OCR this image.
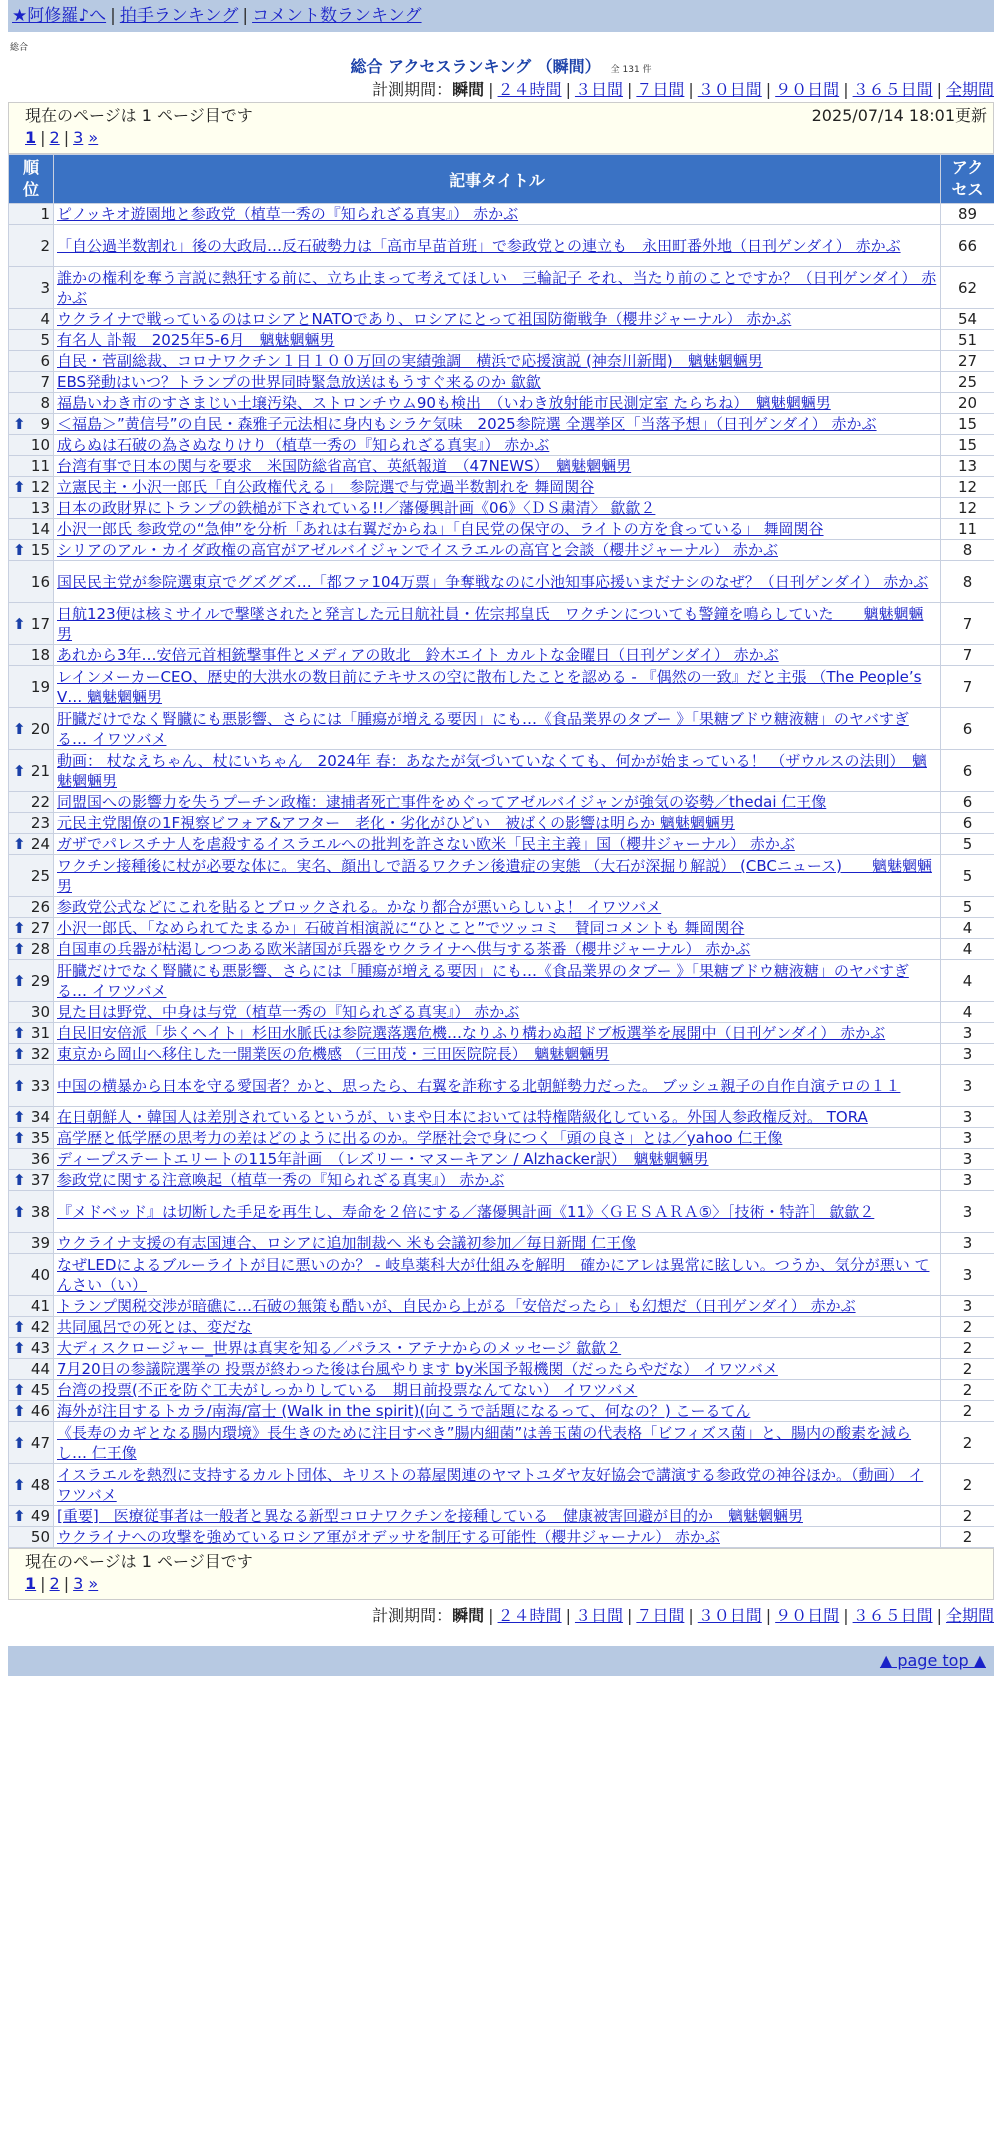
★阿修羅♪へ | 拍手ランキング | コメント数ランキング
総合
総合 アクセスランキング （瞬間） 全 131 件
計測期間：瞬間 | ２４時間 | ３日間 | ７日間 | ３０日間 | ９０日間 | ３６５日間 | 全期間
現在のページは 1 ページ目です	2025/07/14 18:01更新
1 | 2 | 3 »
順位	記事タイトル	アクセス
1	ピノッキオ遊園地と参政党（植草一秀の『知られざる真実』） 赤かぶ	89
2	「自公過半数割れ」後の大政局…反石破勢力は「高市早苗首班」で参政党との連立も　永田町番外地（日刊ゲンダイ） 赤かぶ	66
3	誰かの権利を奪う言説に熱狂する前に、立ち止まって考えてほしい　三輪記子 それ、当たり前のことですか？（日刊ゲンダイ） 赤かぶ	62
4	ウクライナで戦っているのはロシアとNATOであり、ロシアにとって祖国防衛戦争（櫻井ジャーナル） 赤かぶ	54
5	有名人 訃報　2025年5-6月　魑魅魍魎男	51
6	自民・菅副総裁、コロナワクチン１日１００万回の実績強調　横浜で応援演説 (神奈川新聞)　魑魅魍魎男	27
7	EBS発動はいつ？トランプの世界同時緊急放送はもうすぐ来るのか 歙歙	25
8	福島いわき市のすさまじい土壌汚染、ストロンチウム90も検出　（いわき放射能市民測定室 たらちね）　魑魅魍魎男	20

⬆ 9	＜福島＞”黄信号”の自民・森雅子元法相に身内もシラケ気味　2025参院選 全選挙区「当落予想」（日刊ゲンダイ） 赤かぶ	15
10	成らぬは石破の為さぬなりけり（植草一秀の『知られざる真実』） 赤かぶ	15
11	台湾有事で日本の関与を要求　米国防総省高官、英紙報道　（47NEWS）　魑魅魍魎男	13

⬆ 12	立憲民主・小沢一郎氏「自公政権代える」　参院選で与党過半数割れを 舞岡関谷	12
13	日本の政財界にトランプの鉄槌が下されている!!／藩優興計画《06》〈ＤＳ粛清〉 歙歙２	12
14	小沢一郎氏 参政党の“急伸”を分析「あれは右翼だからね」「自民党の保守の、ライトの方を食っている」 舞岡関谷	11

⬆ 15	シリアのアル・カイダ政権の高官がアゼルバイジャンでイスラエルの高官と会談（櫻井ジャーナル） 赤かぶ	8
16	国民民主党が参院選東京でグズグズ…「都ファ104万票」争奪戦なのに小池知事応援いまだナシのなぜ？（日刊ゲンダイ） 赤かぶ	8

⬆ 17	日航123便は核ミサイルで撃墜されたと発言した元日航社員・佐宗邦皇氏　ワクチンについても警鐘を鳴らしていた　　魑魅魍魎男	7
18	あれから3年…安倍元首相銃撃事件とメディアの敗北　鈴木エイト カルトな金曜日（日刊ゲンダイ） 赤かぶ	7
19	レインメーカーCEO、歴史的大洪水の数日前にテキサスの空に散布したことを認める - 『偶然の一致』だと主張 （The People’s V… 魑魅魍魎男	7

⬆ 20	肝臓だけでなく腎臓にも悪影響、さらには「腫瘍が増える要因」にも…《食品業界のタブー 》「果糖ブドウ糖液糖」のヤバすぎる… イワツバメ	6

⬆ 21	動画： 杖なえちゃん、杖にいちゃん　2024年 春：あなたが気づいていなくても、何かが始まっている！ （ザウルスの法則）　魑魅魍魎男	6
22	同盟国への影響力を失うプーチン政権：逮捕者死亡事件をめぐってアゼルバイジャンが強気の姿勢／thedai 仁王像	6
23	元民主党閣僚の1F視察ビフォア&アフター　老化・劣化がひどい　被ばくの影響は明らか 魑魅魍魎男	6

⬆ 24	ガザでパレスチナ人を虐殺するイスラエルへの批判を許さない欧米「民主主義」国（櫻井ジャーナル） 赤かぶ	5
25	ワクチン接種後に杖が必要な体に。実名、顔出しで語るワクチン後遺症の実態 （大石が深掘り解説） (CBCニュース)　　魑魅魍魎男	5
26	参政党公式などにこれを貼るとブロックされる。かなり都合が悪いらしいよ！ イワツバメ	5

⬆ 27	小沢一郎氏、「なめられてたまるか」石破首相演説に“ひとこと”でツッコミ　賛同コメントも 舞岡関谷	4

⬆ 28	自国車の兵器が枯渇しつつある欧米諸国が兵器をウクライナへ供与する茶番（櫻井ジャーナル） 赤かぶ	4

⬆ 29	肝臓だけでなく腎臓にも悪影響、さらには「腫瘍が増える要因」にも…《食品業界のタブー 》「果糖ブドウ糖液糖」のヤバすぎる… イワツバメ	4
30	見た目は野党、中身は与党（植草一秀の『知られざる真実』） 赤かぶ	4

⬆ 31	自民旧安倍派「歩くヘイト」杉田水脈氏は参院選落選危機…なりふり構わぬ超ドブ板選挙を展開中（日刊ゲンダイ） 赤かぶ	3

⬆ 32	東京から岡山へ移住した一開業医の危機感 （三田茂・三田医院院長）　魑魅魍魎男	3

⬆ 33	中国の横暴から日本を守る愛国者？かと、思ったら、右翼を詐称する北朝鮮勢力だった。 ブッシュ親子の自作自演テロの１１	3

⬆ 34	在日朝鮮人・韓国人は差別されているというが、いまや日本においては特権階級化している。外国人参政権反対。 TORA	3

⬆ 35	高学歴と低学歴の思考力の差はどのように出るのか。学歴社会で身につく「頭の良さ」とは／yahoo 仁王像	3
36	ディープステートエリートの115年計画　（レズリー・マヌーキアン / Alzhacker訳）　魑魅魍魎男	3

⬆ 37	参政党に関する注意喚起（植草一秀の『知られざる真実』） 赤かぶ	3

⬆ 38	『メドベッド』は切断した手足を再生し、寿命を２倍にする／藩優興計画《11》〈ＧＥＳＡＲＡ⑤〉［技術・特許］ 歙歙２	3
39	ウクライナ支援の有志国連合、ロシアに追加制裁へ 米も会議初参加／毎日新聞 仁王像	3
40	なぜLEDによるブルーライトが目に悪いのか？ - 岐阜薬科大が仕組みを解明　確かにアレは異常に眩しい。つうか、気分が悪い てんさい（い）	3
41	トランプ関税交渉が暗礁に…石破の無策も酷いが、自民から上がる「安倍だったら」も幻想だ（日刊ゲンダイ） 赤かぶ	3

⬆ 42	共同風呂での死とは、変だな	2

⬆ 43	大ディスクロージャー_世界は真実を知る／パラス・アテナからのメッセージ 歙歙２	2
44	7月20日の参議院選挙の 投票が終わった後は台風やります by米国予報機関（だったらやだな） イワツバメ	2

⬆ 45	台湾の投票(不正を防ぐ工夫がしっかりしている　期日前投票なんてない） イワツバメ	2

⬆ 46	海外が注目するトカラ/南海/富士 (Walk in the spirit)(向こうで話題になるって、何なの？) こーるてん	2

⬆ 47	《長寿のカギとなる腸内環境》長生きのために注目すべき”腸内細菌”は善玉菌の代表格「ビフィズス菌」と、腸内の酸素を減らし… 仁王像	2

⬆ 48	イスラエルを熱烈に支持するカルト団体、キリストの幕屋関連のヤマトユダヤ友好協会で講演する参政党の神谷ほか。（動画） イワツバメ	2

⬆ 49	[重要]　医療従事者は一般者と異なる新型コロナワクチンを接種している　健康被害回避が目的か　魑魅魍魎男	2
50	ウクライナへの攻撃を強めているロシア軍がオデッサを制圧する可能性（櫻井ジャーナル） 赤かぶ	2
現在のページは 1 ページ目です
1 | 2 | 3 »
計測期間：瞬間 | ２４時間 | ３日間 | ７日間 | ３０日間 | ９０日間 | ３６５日間 | 全期間
▲ page top ▲
